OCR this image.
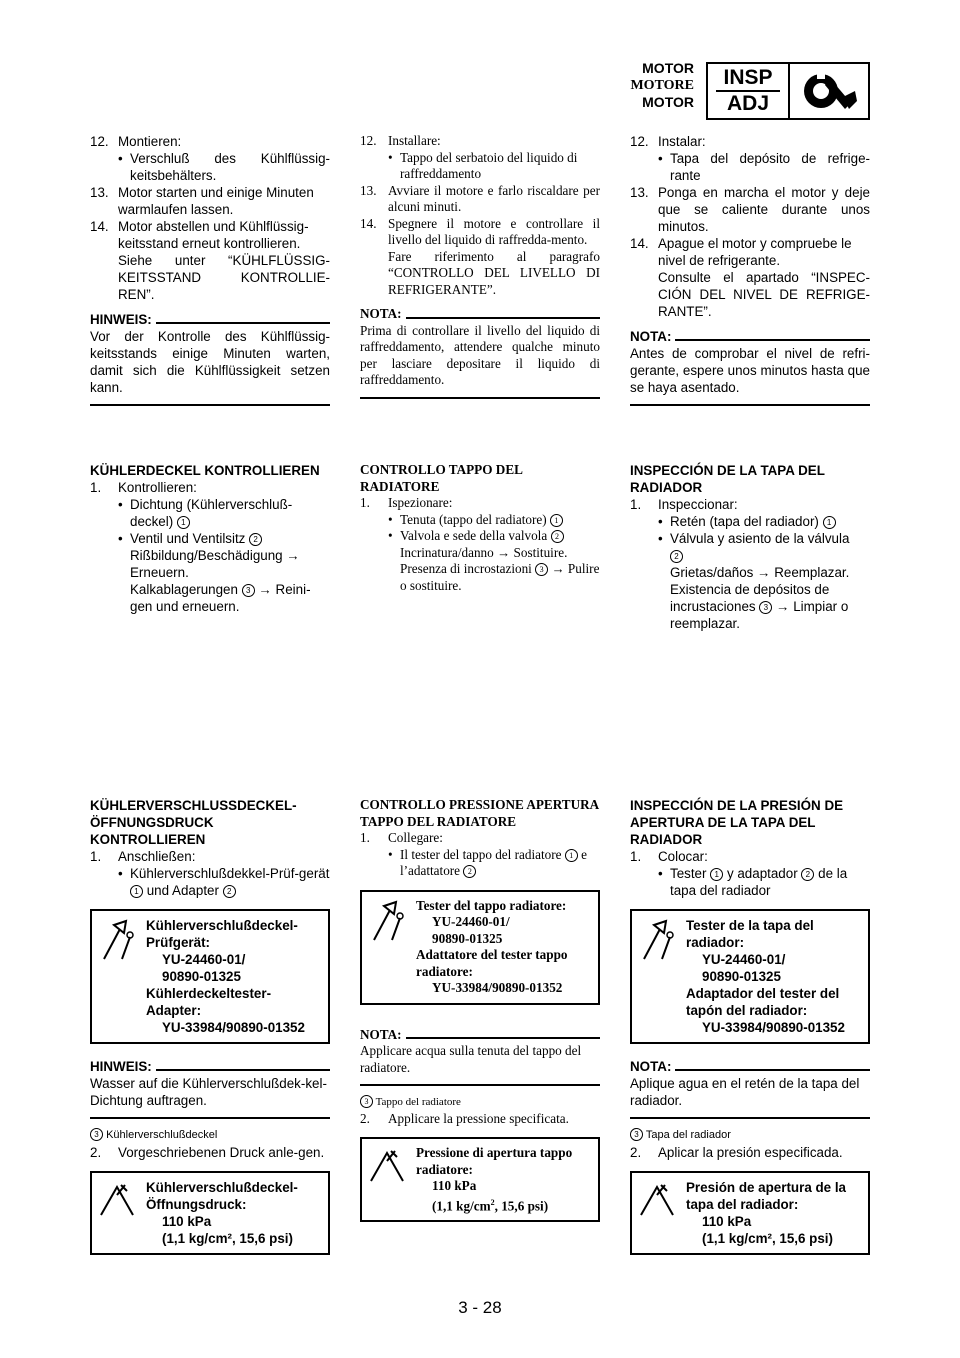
MOTOR
MOTORE
MOTOR
INSP
ADJ
12. Montieren:
• Verschluß des Kühlflüssig-keitsbehälters.
13. Motor starten und einige Minuten warmlaufen lassen.
14. Motor abstellen und Kühlflüssig-keitsstand erneut kontrollieren.
Siehe unter “KÜHLFLÜSSIG-KEITSSTAND KONTROLLIE-REN”.
HINWEIS:
Vor der Kontrolle des Kühlflüssig-keitsstands einige Minuten warten, damit sich die Kühlflüssigkeit setzen kann.
KÜHLERDECKEL KONTROLLIEREN
1.	Kontrollieren:
• Dichtung (Kühlerverschluß-deckel) 1
• Ventil und Ventilsitz 2
Rißbildung/Beschädigung → Erneuern.
Kalkablagerungen 3 → Reini-gen und erneuern.
KÜHLERVERSCHLUSSDECKEL-ÖFFNUNGSDRUCK KONTROLLIEREN
1.	Anschließen:
• Kühlerverschlußdekkel-Prüf-gerät 1 und Adapter 2
Kühlerverschlußdeckel-Prüfgerät:
YU-24460-01/
90890-01325
Kühlerdeckeltester-Adapter:
YU-33984/90890-01352
HINWEIS:
Wasser auf die Kühlerverschlußdek-kel-Dichtung auftragen.
3 Kühlerverschlußdeckel
2.	Vorgeschriebenen Druck anle-gen.
Kühlerverschlußdeckel-Öffnungsdruck:
110 kPa
(1,1 kg/cm², 15,6 psi)
12. Installare:
• Tappo del serbatoio del liquido di raffreddamento
13. Avviare il motore e farlo riscaldare per alcuni minuti.
14. Spegnere il motore e controllare il livello del liquido di raffredda-mento.
Fare riferimento al paragrafo “CONTROLLO DEL LIVELLO DI REFRIGERANTE”.
NOTA:
Prima di controllare il livello del liquido di raffreddamento, attendere qualche minuto per lasciare depositare il liquido di raffreddamento.
CONTROLLO TAPPO DEL RADIATORE
1.	Ispezionare:
• Tenuta (tappo del radiatore) 1
• Valvola e sede della valvola 2
Incrinatura/danno → Sostituire.
Presenza di incrostazioni 3 → Pulire o sostituire.
CONTROLLO PRESSIONE APERTURA TAPPO DEL RADIATORE
1.	Collegare:
• Il tester del tappo del radiatore 1 e l’adattatore 2
Tester del tappo radiatore:
YU-24460-01/
90890-01325
Adattatore del tester tappo radiatore:
YU-33984/90890-01352
NOTA:
Applicare acqua sulla tenuta del tappo del radiatore.
3 Tappo del radiatore
2.	Applicare la pressione specificata.
Pressione di apertura tappo radiatore:
110 kPa
(1,1 $kg/cm^2$, 15,6 psi)
12. Instalar:
• Tapa del depósito de refrige-rante
13. Ponga en marcha el motor y deje que se caliente durante unos minutos.
14. Apague el motor y compruebe le nivel de refrigerante.
Consulte el apartado “INSPEC-CIÓN DEL NIVEL DE REFRIGE-RANTE”.
NOTA:
Antes de comprobar el nivel de refri-gerante, espere unos minutos hasta que se haya asentado.
INSPECCIÓN DE LA TAPA DEL RADIADOR
1.	Inspeccionar:
• Retén (tapa del radiador) 1
• Válvula y asiento de la válvula
2
Grietas/daños → Reemplazar.
Existencia de depósitos de incrustaciones 3 → Limpiar o reemplazar.
INSPECCIÓN DE LA PRESIÓN DE APERTURA DE LA TAPA DEL RADIADOR
1.	Colocar:
• Tester 1 y adaptador 2 de la tapa del radiador
Tester de la tapa del radiador:
YU-24460-01/
90890-01325
Adaptador del tester del tapón del radiador:
YU-33984/90890-01352
NOTA:
Aplique agua en el retén de la tapa del radiador.
3 Tapa del radiador
2.	Aplicar la presión especificada.
Presión de apertura de la tapa del radiador:
110 kPa
(1,1 kg/cm², 15,6 psi)
3 - 28
